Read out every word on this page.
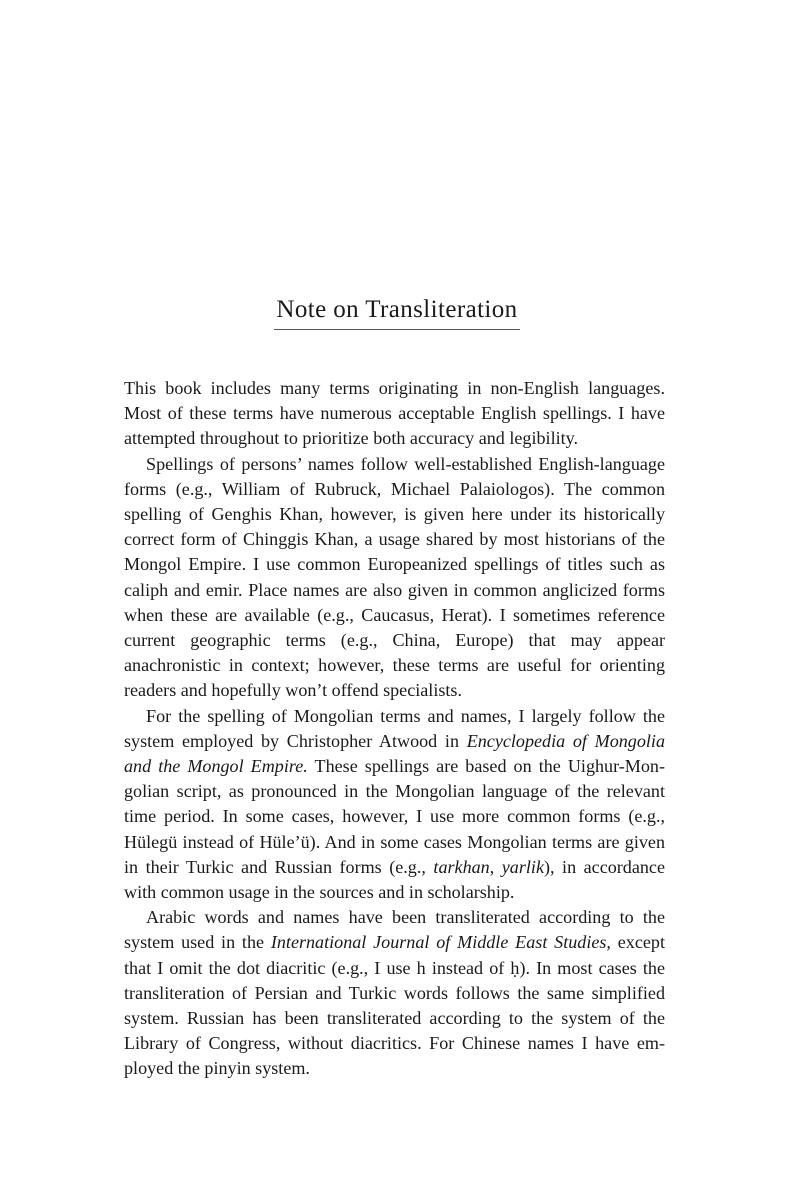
Note on Transliteration

This book includes many terms originating in non-English languages. Most of these terms have numerous acceptable English spellings. I have attempted throughout to prioritize both accuracy and legibility.

Spellings of persons’ names follow well-established English-language forms (e.g., William of Rubruck, Michael Palaiologos). The common spelling of Genghis Khan, however, is given here under its historically correct form of Chinggis Khan, a usage shared by most historians of the Mongol Empire. I use common Europeanized spellings of titles such as caliph and emir. Place names are also given in common anglicized forms when these are available (e.g., Caucasus, Herat). I sometimes reference current geographic terms (e.g., China, Europe) that may appear anachronistic in context; however, these terms are useful for orienting readers and hopefully won’t offend specialists.

For the spelling of Mongolian terms and names, I largely follow the system employed by Christopher Atwood in Encyclopedia of Mongolia and the Mongol Empire. These spellings are based on the Uighur-Mongolian script, as pronounced in the Mongolian language of the relevant time period. In some cases, however, I use more common forms (e.g., Hülegü instead of Hüle’ü). And in some cases Mongolian terms are given in their Turkic and Russian forms (e.g., tarkhan, yarlik), in accordance with common usage in the sources and in scholarship.

Arabic words and names have been transliterated according to the system used in the International Journal of Middle East Studies, except that I omit the dot diacritic (e.g., I use h instead of ḥ). In most cases the transliteration of Persian and Turkic words follows the same simplified system. Russian has been transliterated according to the system of the Library of Congress, without diacritics. For Chinese names I have employed the pinyin system.
